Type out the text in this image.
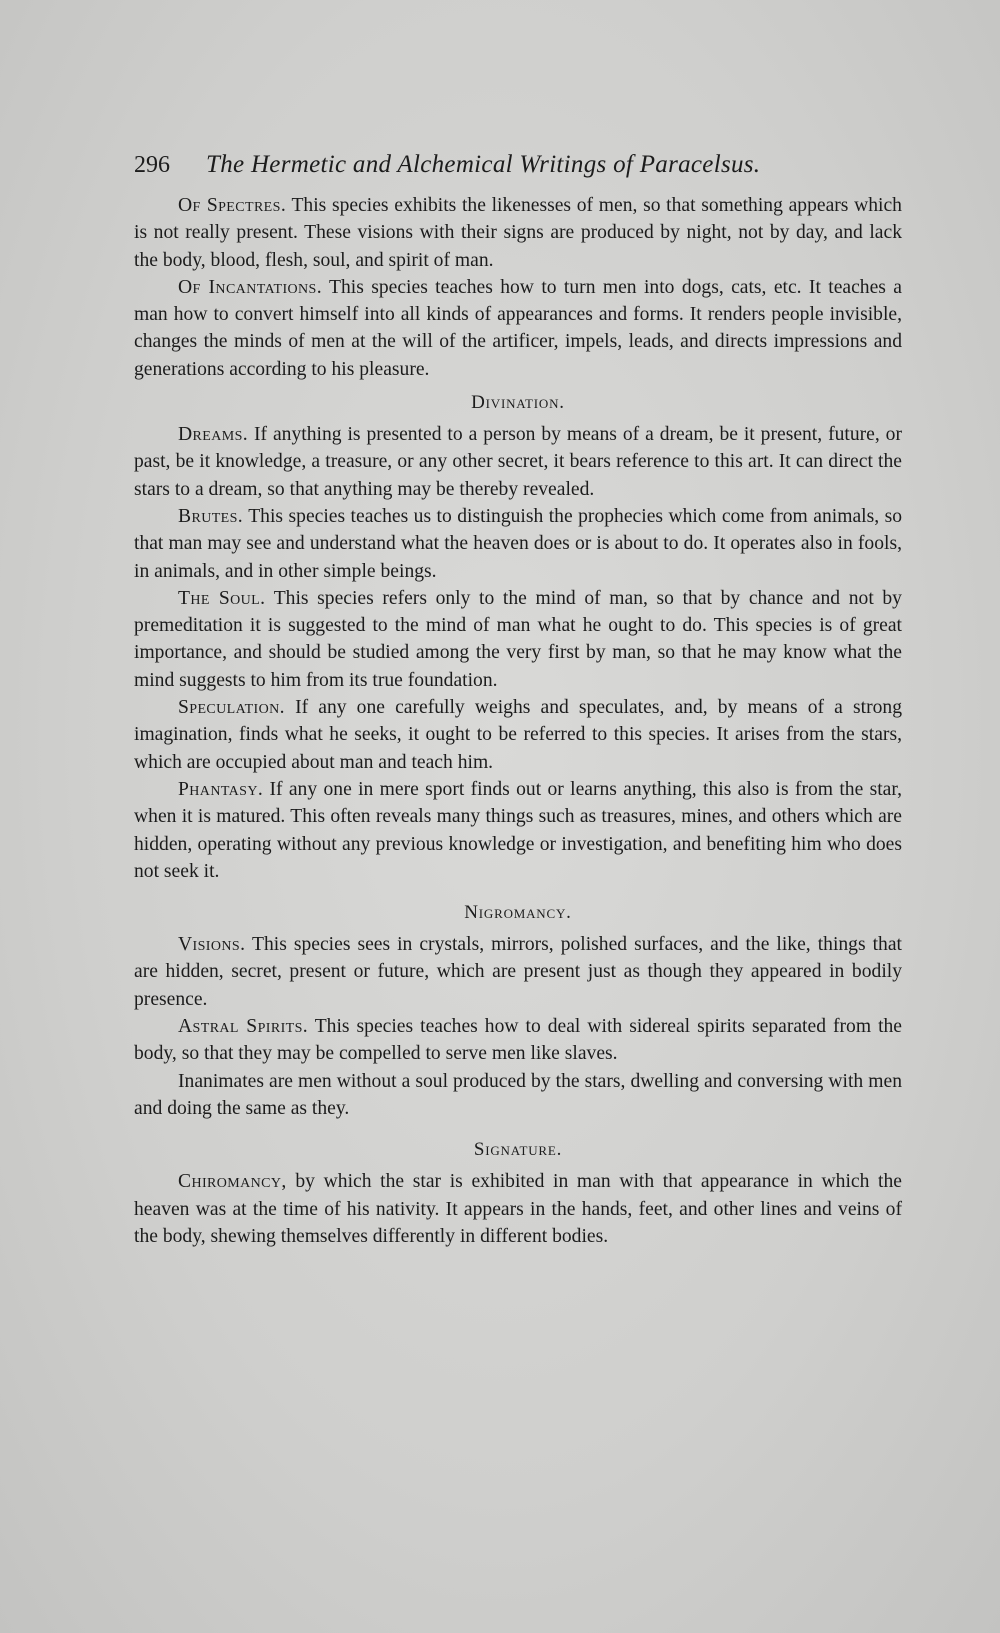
296	The Hermetic and Alchemical Writings of Paracelsus.

Of Spectres. This species exhibits the likenesses of men, so that something appears which is not really present. These visions with their signs are produced by night, not by day, and lack the body, blood, flesh, soul, and spirit of man.

Of Incantations. This species teaches how to turn men into dogs, cats, etc. It teaches a man how to convert himself into all kinds of appearances and forms. It renders people invisible, changes the minds of men at the will of the artificer, impels, leads, and directs impressions and generations according to his pleasure.

Divination.

Dreams. If anything is presented to a person by means of a dream, be it present, future, or past, be it knowledge, a treasure, or any other secret, it bears reference to this art. It can direct the stars to a dream, so that anything may be thereby revealed.

Brutes. This species teaches us to distinguish the prophecies which come from animals, so that man may see and understand what the heaven does or is about to do. It operates also in fools, in animals, and in other simple beings.

The Soul. This species refers only to the mind of man, so that by chance and not by premeditation it is suggested to the mind of man what he ought to do. This species is of great importance, and should be studied among the very first by man, so that he may know what the mind suggests to him from its true foundation.

Speculation. If any one carefully weighs and speculates, and, by means of a strong imagination, finds what he seeks, it ought to be referred to this species. It arises from the stars, which are occupied about man and teach him.

Phantasy. If any one in mere sport finds out or learns anything, this also is from the star, when it is matured. This often reveals many things such as treasures, mines, and others which are hidden, operating without any previous knowledge or investigation, and benefiting him who does not seek it.

Nigromancy.

Visions. This species sees in crystals, mirrors, polished surfaces, and the like, things that are hidden, secret, present or future, which are present just as though they appeared in bodily presence.

Astral Spirits. This species teaches how to deal with sidereal spirits separated from the body, so that they may be compelled to serve men like slaves.

Inanimates are men without a soul produced by the stars, dwelling and conversing with men and doing the same as they.

Signature.

Chiromancy, by which the star is exhibited in man with that appearance in which the heaven was at the time of his nativity. It appears in the hands, feet, and other lines and veins of the body, shewing themselves differently in different bodies.
